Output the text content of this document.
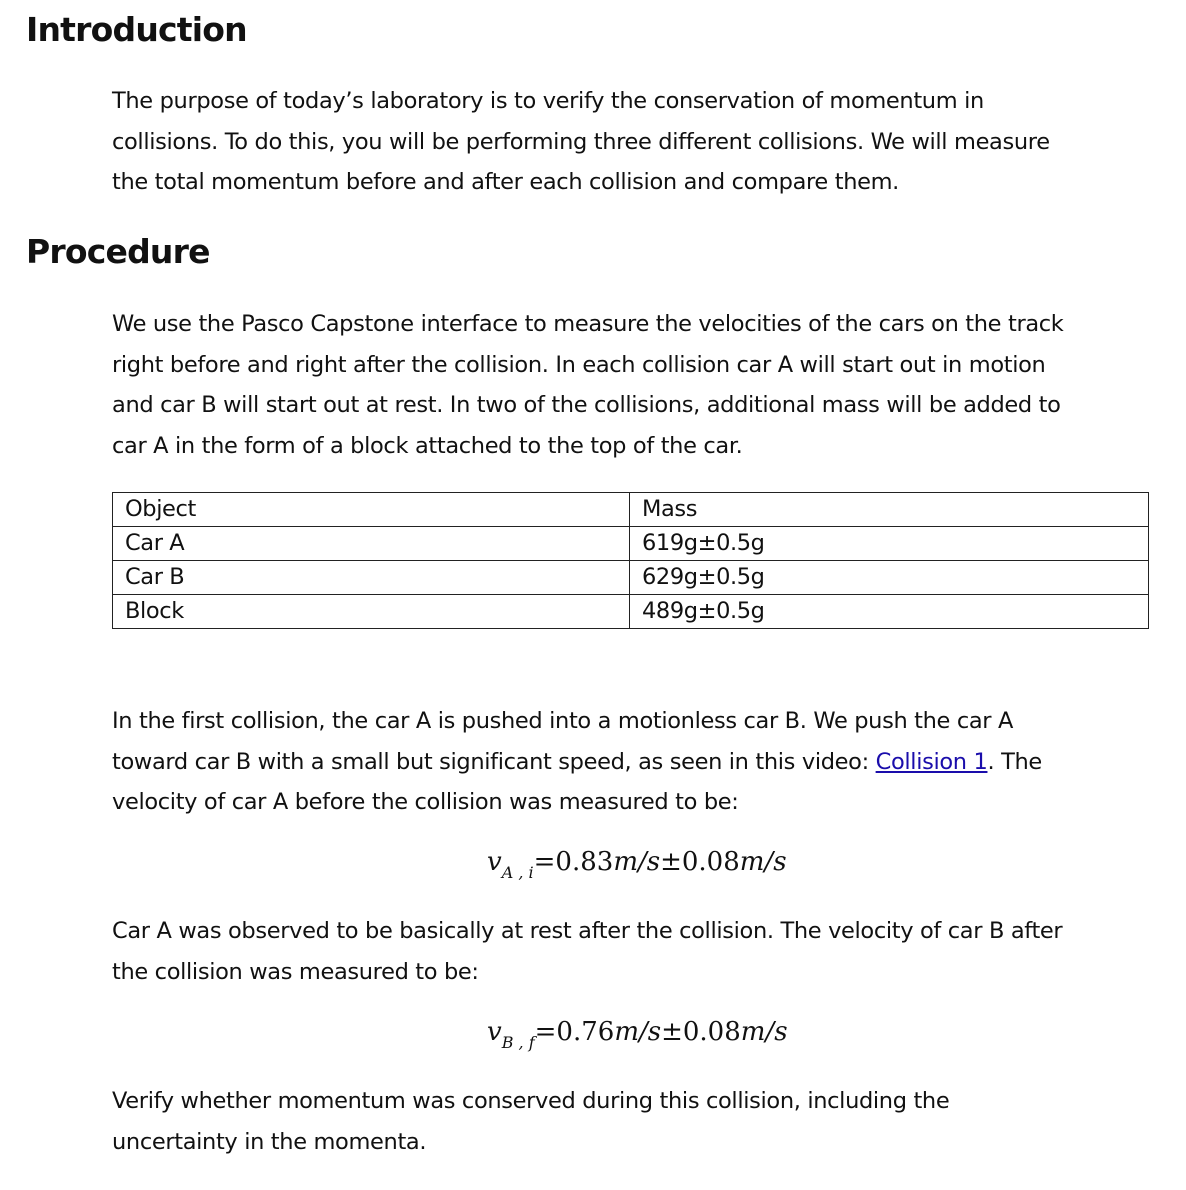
Introduction

The purpose of today’s laboratory is to verify the conservation of momentum in
collisions. To do this, you will be performing three different collisions. We will measure
the total momentum before and after each collision and compare them.

Procedure

We use the Pasco Capstone interface to measure the velocities of the cars on the track
right before and right after the collision. In each collision car A will start out in motion
and car B will start out at rest. In two of the collisions, additional mass will be added to
car A in the form of a block attached to the top of the car.

Object	Mass
Car A	619g±0.5g
Car B	629g±0.5g
Block	489g±0.5g

In the first collision, the car A is pushed into a motionless car B. We push the car A
toward car B with a small but significant speed, as seen in this video: Collision 1. The
velocity of car A before the collision was measured to be:

$v_{A , i}=0.83m/s\pm 0.08m/s$

Car A was observed to be basically at rest after the collision. The velocity of car B after
the collision was measured to be:

$v_{B , f}=0.76m/s\pm 0.08m/s$

Verify whether momentum was conserved during this collision, including the
uncertainty in the momenta.
